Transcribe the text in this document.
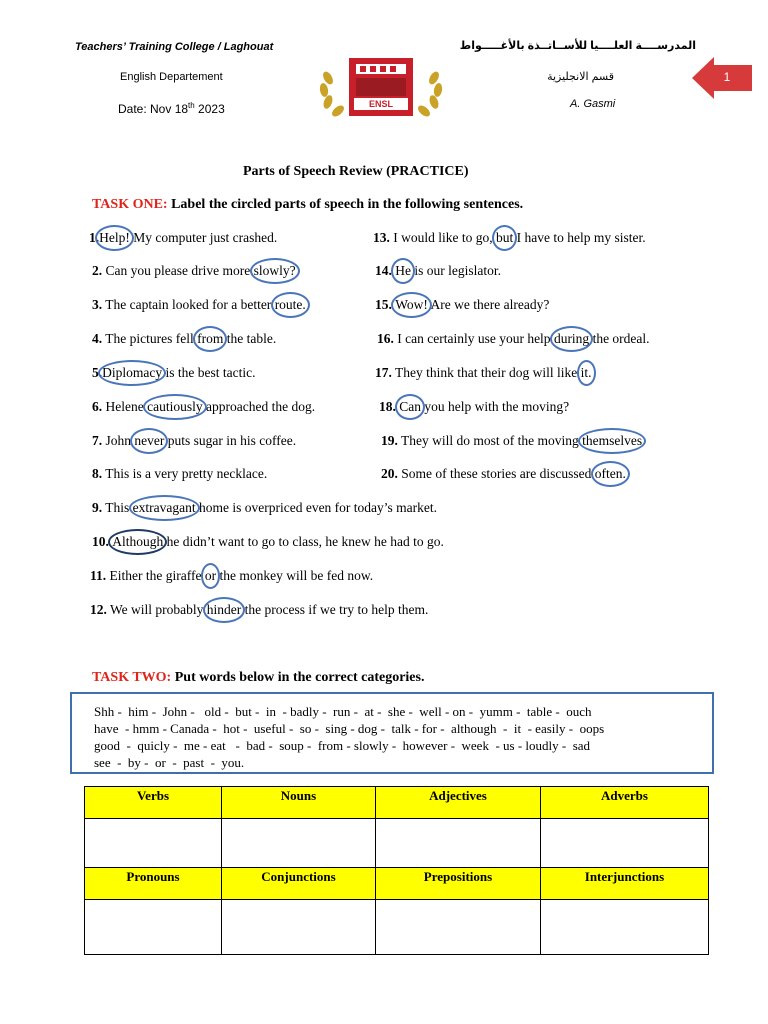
Teachers’ Training College / Laghouat	المدرســــة العلــــيا للأســاتــذة بالأغـــــواط
English Departement	قسم الانجليزية
Date: Nov 18th 2023	A. Gasmi
ENSL
1
Parts of Speech Review (PRACTICE)
TASK ONE: Label the circled parts of speech in the following sentences.
1.Help! My computer just crashed.
2. Can you please drive more slowly?
3. The captain looked for a better route.
4. The pictures fell from the table.
5.Diplomacy is the best tactic.
6. Helene cautiously approached the dog.
7. John never puts sugar in his coffee.
8. This is a very pretty necklace.
9. This extravagant home is overpriced even for today’s market.
10. Although he didn’t want to go to class, he knew he had to go.
11. Either the giraffe or the monkey will be fed now.
12. We will probably hinder the process if we try to help them.
13. I would like to go, but I have to help my sister.
14. He is our legislator.
15. Wow! Are we there already?
16. I can certainly use your help during the ordeal.
17. They think that their dog will like it.
18. Can you help with the moving?
19. They will do most of the moving themselves
20. Some of these stories are discussed often.
TASK TWO: Put words below in the correct categories.
Shh -  him -  John -   old -  but -  in  - badly -  run -  at -  she -  well - on -  yumm -  table -  ouch
have  - hmm - Canada -  hot -  useful -  so -  sing - dog -  talk - for -  although  -  it  - easily -  oops
good  -  quicly -  me - eat   -  bad -  soup -  from - slowly -  however -  week  - us - loudly -  sad
see  -  by -  or  -  past  -  you.
Verbs	Nouns	Adjectives	Adverbs

Pronouns	Conjunctions	Prepositions	Interjunctions
